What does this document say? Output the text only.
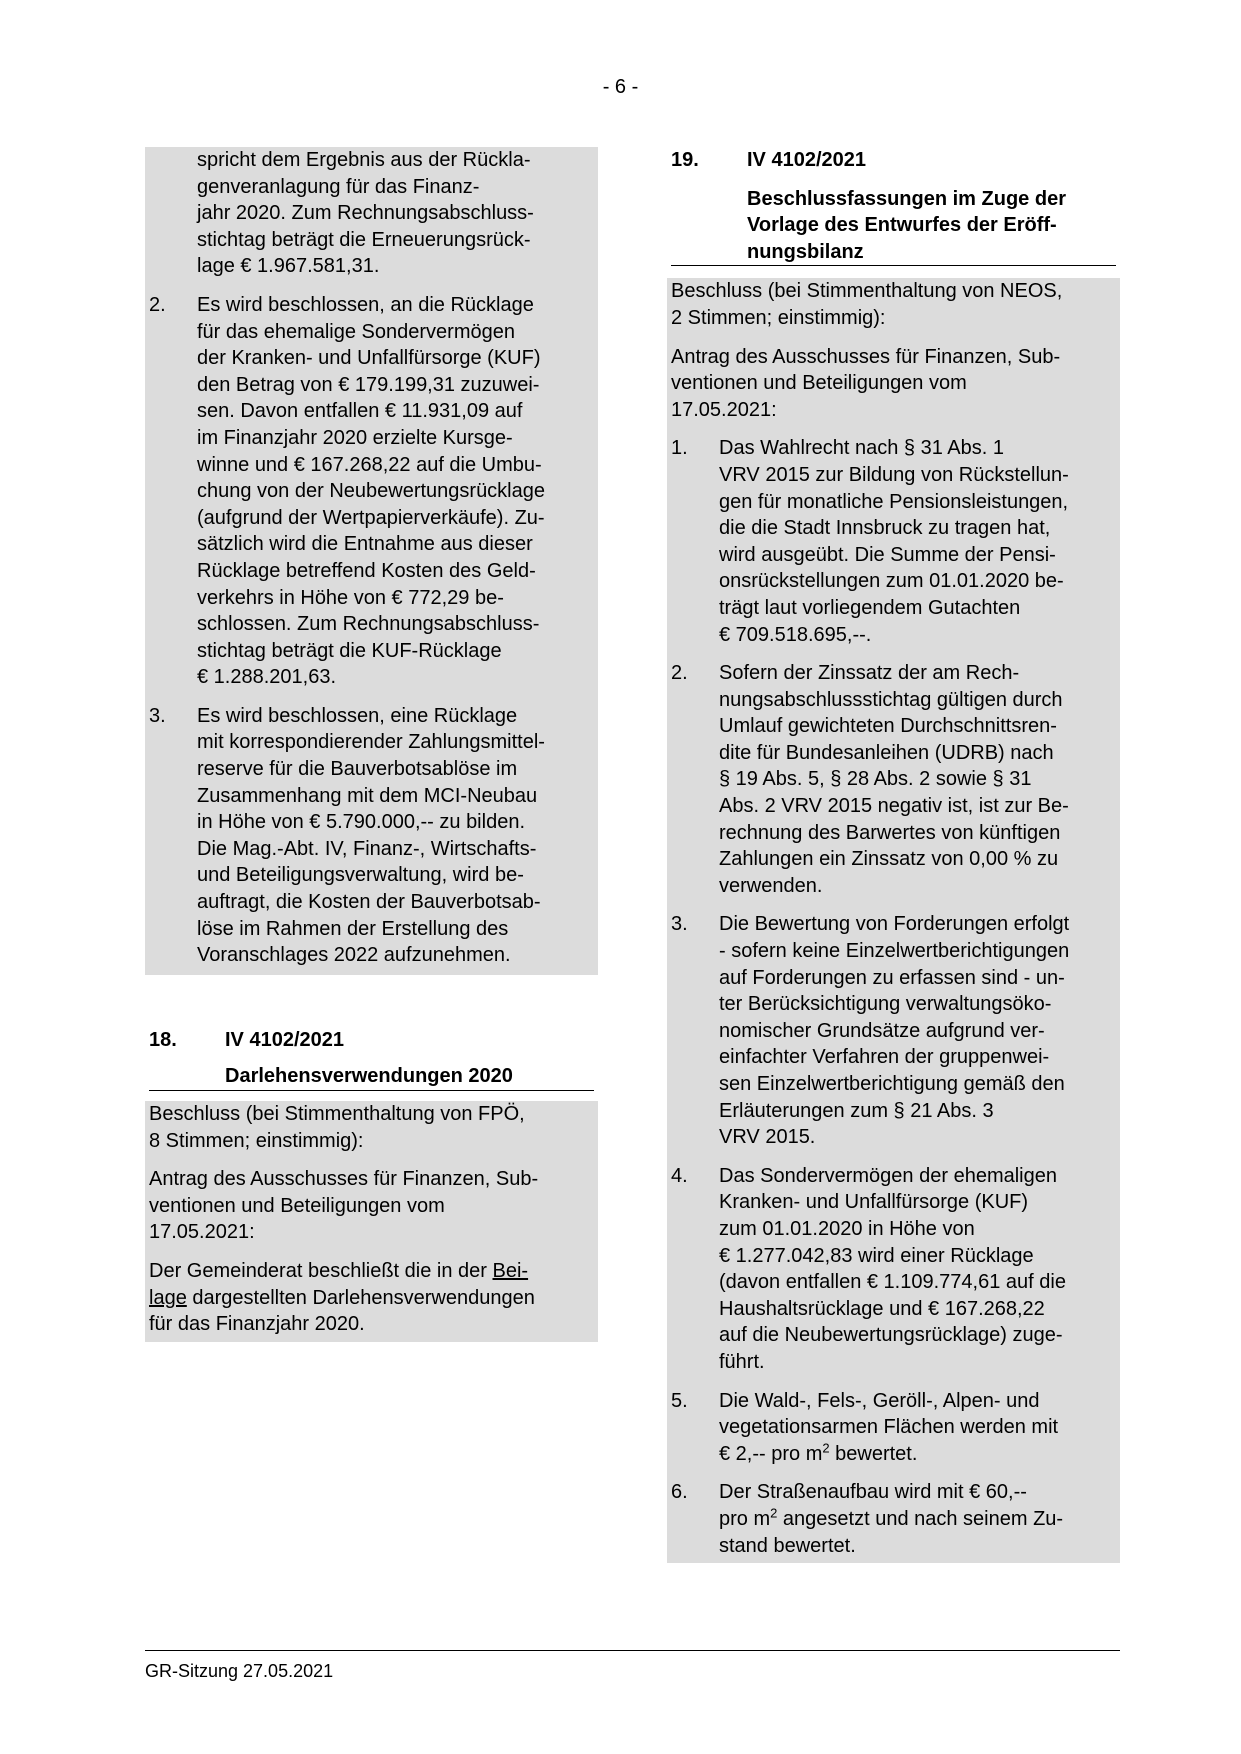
- 6 -
spricht dem Ergebnis aus der Rückla-
genveranlagung für das Finanz-
jahr 2020. Zum Rechnungsabschluss-
stichtag beträgt die Erneuerungsrück-
lage € 1.967.581,31.
2.	Es wird beschlossen, an die Rücklage
für das ehemalige Sondervermögen
der Kranken- und Unfallfürsorge (KUF)
den Betrag von € 179.199,31 zuzuwei-
sen. Davon entfallen € 11.931,09 auf
im Finanzjahr 2020 erzielte Kursge-
winne und € 167.268,22 auf die Umbu-
chung von der Neubewertungsrücklage
(aufgrund der Wertpapierverkäufe). Zu-
sätzlich wird die Entnahme aus dieser
Rücklage betreffend Kosten des Geld-
verkehrs in Höhe von € 772,29 be-
schlossen. Zum Rechnungsabschluss-
stichtag beträgt die KUF-Rücklage
€ 1.288.201,63.
3.	Es wird beschlossen, eine Rücklage
mit korrespondierender Zahlungsmittel-
reserve für die Bauverbotsablöse im
Zusammenhang mit dem MCI-Neubau
in Höhe von € 5.790.000,-- zu bilden.
Die Mag.-Abt. IV, Finanz-, Wirtschafts-
und Beteiligungsverwaltung, wird be-
auftragt, die Kosten der Bauverbotsab-
löse im Rahmen der Erstellung des
Voranschlages 2022 aufzunehmen.
18.	IV 4102/2021
Darlehensverwendungen 2020
Beschluss (bei Stimmenthaltung von FPÖ,
8 Stimmen; einstimmig):
Antrag des Ausschusses für Finanzen, Sub-
ventionen und Beteiligungen vom
17.05.2021:
Der Gemeinderat beschließt die in der Bei-
lage dargestellten Darlehensverwendungen
für das Finanzjahr 2020.
19.	IV 4102/2021
Beschlussfassungen im Zuge der
Vorlage des Entwurfes der Eröff-
nungsbilanz
Beschluss (bei Stimmenthaltung von NEOS,
2 Stimmen; einstimmig):
Antrag des Ausschusses für Finanzen, Sub-
ventionen und Beteiligungen vom
17.05.2021:
1.	Das Wahlrecht nach § 31 Abs. 1
VRV 2015 zur Bildung von Rückstellun-
gen für monatliche Pensionsleistungen,
die die Stadt Innsbruck zu tragen hat,
wird ausgeübt. Die Summe der Pensi-
onsrückstellungen zum 01.01.2020 be-
trägt laut vorliegendem Gutachten
€ 709.518.695,--.
2.	Sofern der Zinssatz der am Rech-
nungsabschlussstichtag gültigen durch
Umlauf gewichteten Durchschnittsren-
dite für Bundesanleihen (UDRB) nach
§ 19 Abs. 5, § 28 Abs. 2 sowie § 31
Abs. 2 VRV 2015 negativ ist, ist zur Be-
rechnung des Barwertes von künftigen
Zahlungen ein Zinssatz von 0,00 % zu
verwenden.
3.	Die Bewertung von Forderungen erfolgt
- sofern keine Einzelwertberichtigungen
auf Forderungen zu erfassen sind - un-
ter Berücksichtigung verwaltungsöko-
nomischer Grundsätze aufgrund ver-
einfachter Verfahren der gruppenwei-
sen Einzelwertberichtigung gemäß den
Erläuterungen zum § 21 Abs. 3
VRV 2015.
4.	Das Sondervermögen der ehemaligen
Kranken- und Unfallfürsorge (KUF)
zum 01.01.2020 in Höhe von
€ 1.277.042,83 wird einer Rücklage
(davon entfallen € 1.109.774,61 auf die
Haushaltsrücklage und € 167.268,22
auf die Neubewertungsrücklage) zuge-
führt.
5.	Die Wald-, Fels-, Geröll-, Alpen- und
vegetationsarmen Flächen werden mit
€ 2,-- pro $m^2$ bewertet.
6.	Der Straßenaufbau wird mit € 60,--
pro $m^2$ angesetzt und nach seinem Zu-
stand bewertet.
GR-Sitzung 27.05.2021
